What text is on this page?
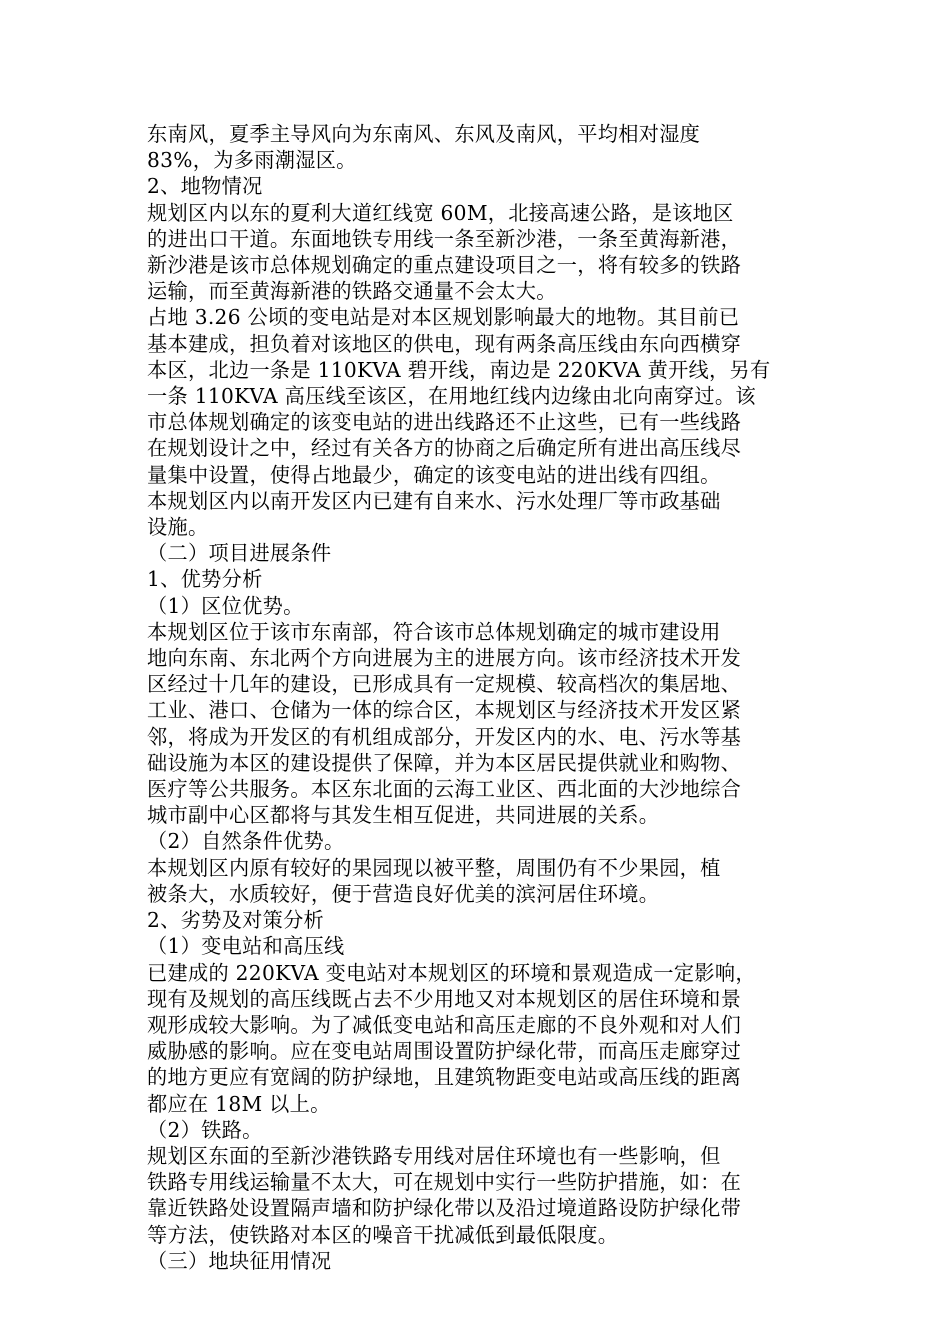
东南风，夏季主导风向为东南风、东风及南风，平均相对湿度

83%，为多雨潮湿区。

2、地物情况

规划区内以东的夏利大道红线宽 60M，北接高速公路，是该地区

的进出口干道。东面地铁专用线一条至新沙港，一条至黄海新港，

新沙港是该市总体规划确定的重点建设项目之一，将有较多的铁路

运输，而至黄海新港的铁路交通量不会太大。

占地 3.26 公顷的变电站是对本区规划影响最大的地物。其目前已

基本建成，担负着对该地区的供电，现有两条高压线由东向西横穿

本区，北边一条是 110KVA 碧开线，南边是 220KVA 黄开线，另有

一条 110KVA 高压线至该区，在用地红线内边缘由北向南穿过。该

市总体规划确定的该变电站的进出线路还不止这些，已有一些线路

在规划设计之中，经过有关各方的协商之后确定所有进出高压线尽

量集中设置，使得占地最少，确定的该变电站的进出线有四组。

本规划区内以南开发区内已建有自来水、污水处理厂等市政基础

设施。

（二）项目进展条件

1、优势分析

（1）区位优势。

本规划区位于该市东南部，符合该市总体规划确定的城市建设用

地向东南、东北两个方向进展为主的进展方向。该市经济技术开发

区经过十几年的建设，已形成具有一定规模、较高档次的集居地、

工业、港口、仓储为一体的综合区，本规划区与经济技术开发区紧

邻，将成为开发区的有机组成部分，开发区内的水、电、污水等基

础设施为本区的建设提供了保障，并为本区居民提供就业和购物、

医疗等公共服务。本区东北面的云海工业区、西北面的大沙地综合

城市副中心区都将与其发生相互促进，共同进展的关系。

（2）自然条件优势。

本规划区内原有较好的果园现以被平整，周围仍有不少果园，植

被条大，水质较好，便于营造良好优美的滨河居住环境。

2、劣势及对策分析

（1）变电站和高压线

已建成的 220KVA 变电站对本规划区的环境和景观造成一定影响，

现有及规划的高压线既占去不少用地又对本规划区的居住环境和景

观形成较大影响。为了减低变电站和高压走廊的不良外观和对人们

威胁感的影响。应在变电站周围设置防护绿化带，而高压走廊穿过

的地方更应有宽阔的防护绿地，且建筑物距变电站或高压线的距离

都应在 18M 以上。

（2）铁路。

规划区东面的至新沙港铁路专用线对居住环境也有一些影响，但

铁路专用线运输量不太大，可在规划中实行一些防护措施，如：在

靠近铁路处设置隔声墙和防护绿化带以及沿过境道路设防护绿化带

等方法，使铁路对本区的噪音干扰减低到最低限度。

（三）地块征用情况
